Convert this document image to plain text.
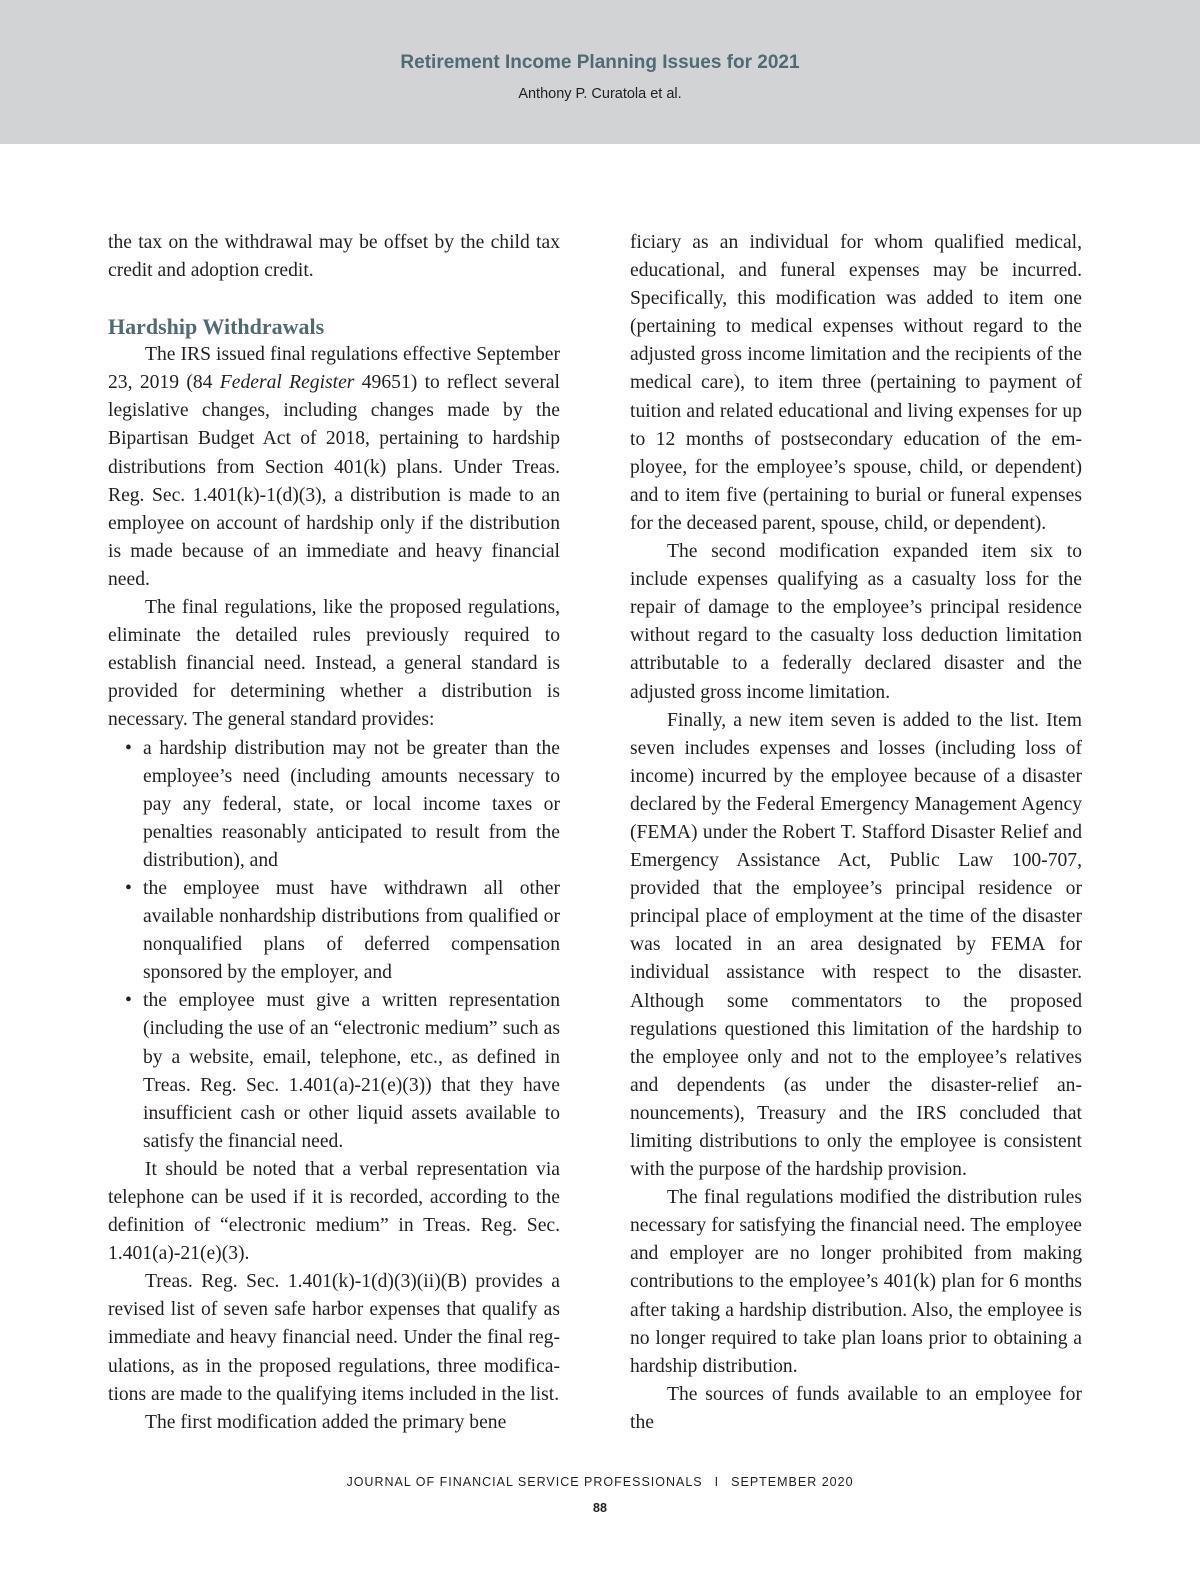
Retirement Income Planning Issues for 2021
Anthony P. Curatola et al.

the tax on the withdrawal may be offset by the child tax credit and adoption credit.

Hardship Withdrawals

The IRS issued final regulations effective September 23, 2019 (84 Federal Register 49651) to reflect several legislative changes, including changes made by the Bipartisan Budget Act of 2018, pertaining to hardship distributions from Section 401(k) plans. Under Treas. Reg. Sec. 1.401(k)-1(d)(3), a distribution is made to an employee on account of hardship only if the distribution is made because of an immediate and heavy financial need.

The final regulations, like the proposed regulations, eliminate the detailed rules previously required to establish financial need. Instead, a general standard is provided for determining whether a distribution is necessary. The general standard provides:

• a hardship distribution may not be greater than the employee’s need (including amounts necessary to pay any federal, state, or local income taxes or penalties reasonably anticipated to result from the distribution), and
• the employee must have withdrawn all other available nonhardship distributions from qualified or nonqualified plans of deferred compensation sponsored by the employer, and
• the employee must give a written representation (including the use of an “electronic medium” such as by a website, email, telephone, etc., as defined in Treas. Reg. Sec. 1.401(a)-21(e)(3)) that they have insufficient cash or other liquid assets available to satisfy the financial need.

It should be noted that a verbal representation via telephone can be used if it is recorded, according to the definition of “electronic medium” in Treas. Reg. Sec. 1.401(a)-21(e)(3).

Treas. Reg. Sec. 1.401(k)-1(d)(3)(ii)(B) provides a revised list of seven safe harbor expenses that qualify as immediate and heavy financial need. Under the final regulations, as in the proposed regulations, three modifications are made to the qualifying items included in the list.

The first modification added the primary bene

ficiary as an individual for whom qualified medical, educational, and funeral expenses may be incurred. Specifically, this modification was added to item one (pertaining to medical expenses without regard to the adjusted gross income limitation and the recipients of the medical care), to item three (pertaining to payment of tuition and related educational and living expenses for up to 12 months of postsecondary education of the employee, for the employee’s spouse, child, or dependent) and to item five (pertaining to burial or funeral expenses for the deceased parent, spouse, child, or dependent).

The second modification expanded item six to include expenses qualifying as a casualty loss for the repair of damage to the employee’s principal residence without regard to the casualty loss deduction limitation attributable to a federally declared disaster and the adjusted gross income limitation.

Finally, a new item seven is added to the list. Item seven includes expenses and losses (including loss of income) incurred by the employee because of a disaster declared by the Federal Emergency Management Agency (FEMA) under the Robert T. Stafford Disaster Relief and Emergency Assistance Act, Public Law 100-707, provided that the employee’s principal residence or principal place of employment at the time of the disaster was located in an area designated by FEMA for individual assistance with respect to the disaster. Although some commentators to the proposed regulations questioned this limitation of the hardship to the employee only and not to the employee’s relatives and dependents (as under the disaster-relief announcements), Treasury and the IRS concluded that limiting distributions to only the employee is consistent with the purpose of the hardship provision.

The final regulations modified the distribution rules necessary for satisfying the financial need. The employee and employer are no longer prohibited from making contributions to the employee’s 401(k) plan for 6 months after taking a hardship distribution. Also, the employee is no longer required to take plan loans prior to obtaining a hardship distribution.

The sources of funds available to an employee for the

JOURNAL OF FINANCIAL SERVICE PROFESSIONALS I SEPTEMBER 2020
88
